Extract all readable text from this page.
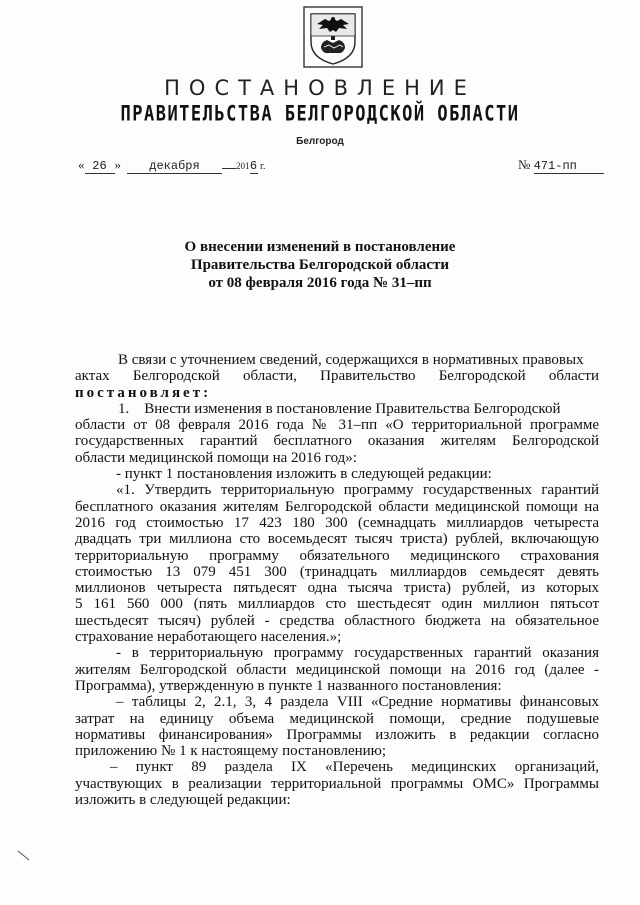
ПОСТАНОВЛЕНИЕ
ПРАВИТЕЛЬСТВА БЕЛГОРОДСКОЙ ОБЛАСТИ
Белгород
« 26 » декабря	2016 г.	№ 471-пп
О внесении изменений в постановление
Правительства Белгородской области
от 08 февраля 2016 года № 31–пп
В связи с уточнением сведений, содержащихся в нормативных правовых
актах Белгородской области, Правительство Белгородской области
постановляет:
1.    Внести изменения в постановление Правительства Белгородской
области от 08 февраля 2016 года № 31–пп «О территориальной программе
государственных гарантий бесплатного оказания жителям Белгородской
области медицинской помощи на 2016 год»:
- пункт 1 постановления изложить в следующей редакции:
«1. Утвердить территориальную программу государственных гарантий
бесплатного оказания жителям Белгородской области медицинской помощи на
2016 год стоимостью 17 423 180 300 (семнадцать миллиардов четыреста
двадцать три миллиона сто восемьдесят тысяч триста) рублей, включающую
территориальную программу обязательного медицинского страхования
стоимостью 13 079 451 300 (тринадцать миллиардов семьдесят девять
миллионов четыреста пятьдесят одна тысяча триста) рублей, из которых
5 161 560 000 (пять миллиардов сто шестьдесят один миллион пятьсот
шестьдесят тысяч) рублей - средства областного бюджета на обязательное
страхование неработающего населения.»;
- в территориальную программу государственных гарантий оказания
жителям Белгородской области медицинской помощи на 2016 год (далее -
Программа), утвержденную в пункте 1 названного постановления:
– таблицы 2, 2.1, 3, 4 раздела VIII «Средние нормативы финансовых
затрат на единицу объема медицинской помощи, средние подушевые
нормативы финансирования» Программы изложить в редакции согласно
приложению № 1 к настоящему постановлению;
– пункт 89 раздела IX «Перечень медицинских организаций,
участвующих в реализации территориальной программы ОМС» Программы
изложить в следующей редакции:
